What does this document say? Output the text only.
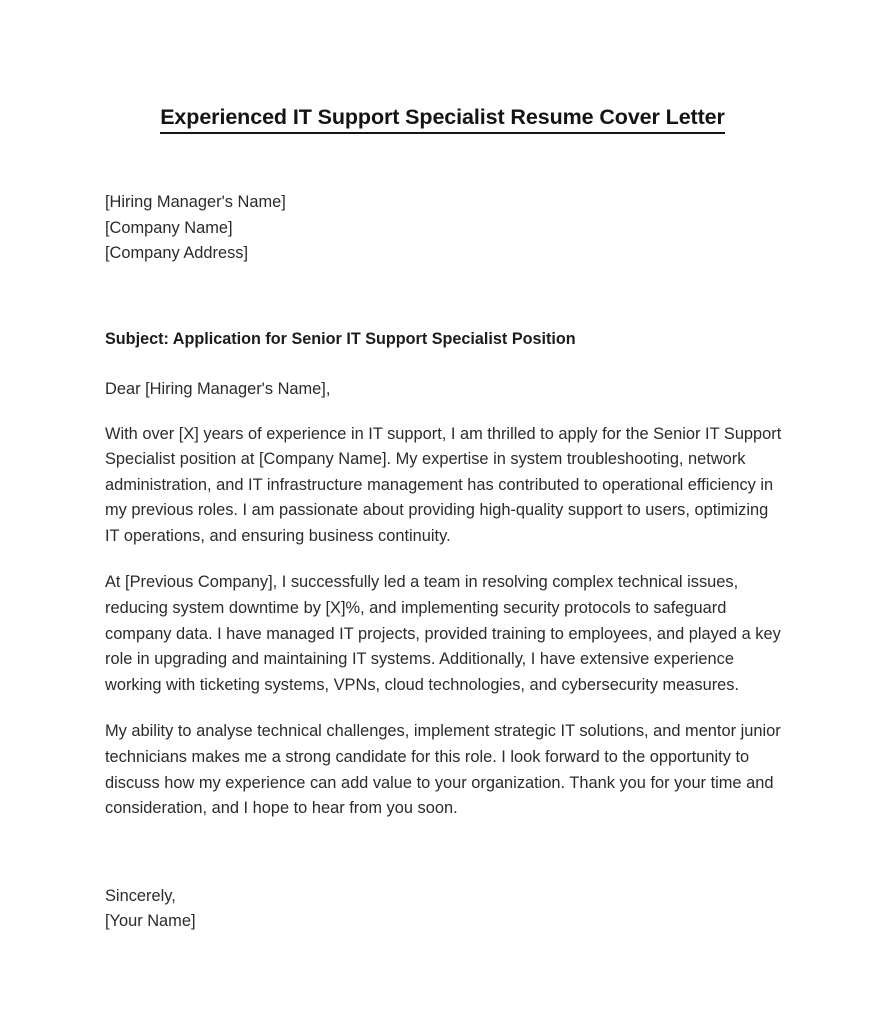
Experienced IT Support Specialist Resume Cover Letter
[Hiring Manager's Name]
[Company Name]
[Company Address]
Subject: Application for Senior IT Support Specialist Position
Dear [Hiring Manager's Name],
With over [X] years of experience in IT support, I am thrilled to apply for the Senior IT Support Specialist position at [Company Name]. My expertise in system troubleshooting, network administration, and IT infrastructure management has contributed to operational efficiency in my previous roles. I am passionate about providing high-quality support to users, optimizing IT operations, and ensuring business continuity.
At [Previous Company], I successfully led a team in resolving complex technical issues, reducing system downtime by [X]%, and implementing security protocols to safeguard company data. I have managed IT projects, provided training to employees, and played a key role in upgrading and maintaining IT systems. Additionally, I have extensive experience working with ticketing systems, VPNs, cloud technologies, and cybersecurity measures.
My ability to analyse technical challenges, implement strategic IT solutions, and mentor junior technicians makes me a strong candidate for this role. I look forward to the opportunity to discuss how my experience can add value to your organization. Thank you for your time and consideration, and I hope to hear from you soon.
Sincerely,
[Your Name]
